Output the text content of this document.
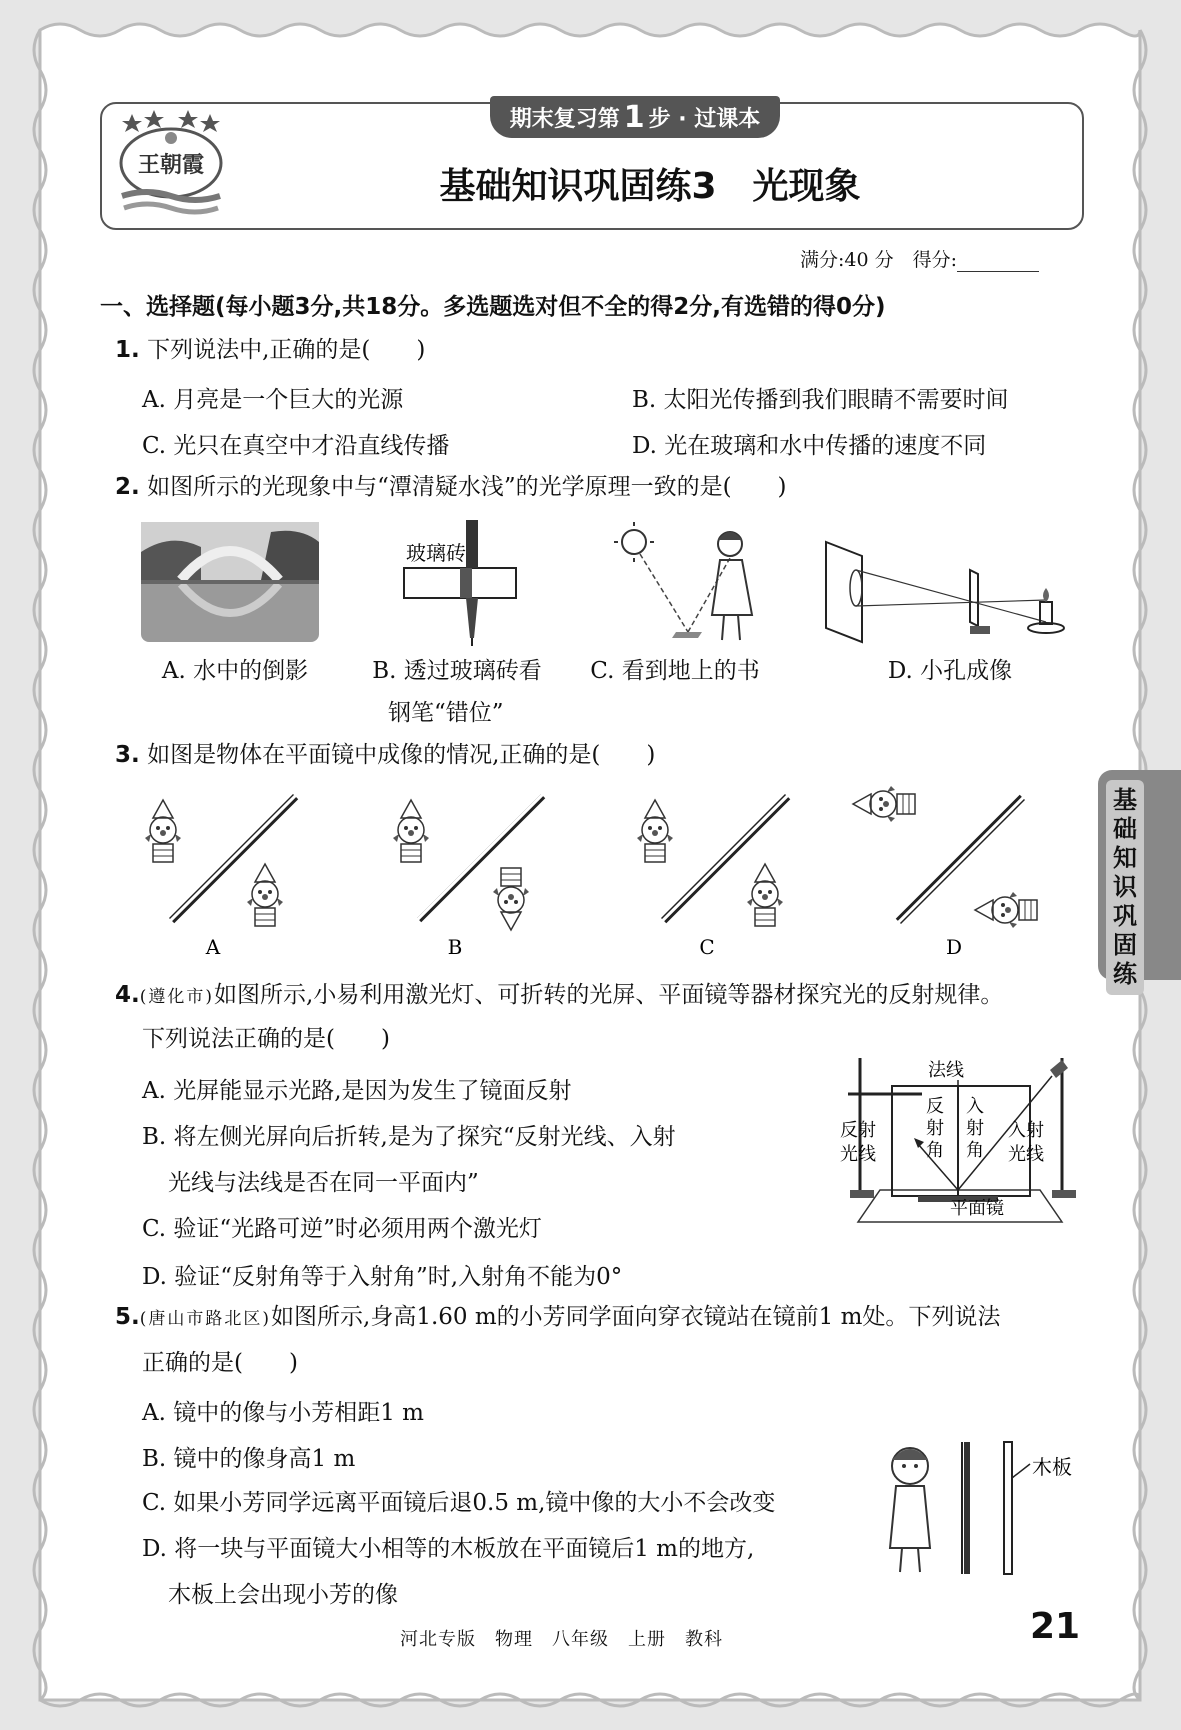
王朝霞
期末复习第 1 步 · 过课本
基础知识巩固练3　光现象
满分:40 分　得分:
一、选择题(每小题3分,共18分。多选题选对但不全的得2分,有选错的得0分)
1. 下列说法中,正确的是(　　)
A. 月亮是一个巨大的光源	B. 太阳光传播到我们眼睛不需要时间
C. 光只在真空中才沿直线传播	D. 光在玻璃和水中传播的速度不同
2. 如图所示的光现象中与“潭清疑水浅”的光学原理一致的是(　　)
玻璃砖
A. 水中的倒影	B. 透过玻璃砖看
钢笔“错位”
C. 看到地上的书	D. 小孔成像
3. 如图是物体在平面镜中成像的情况,正确的是(　　)
A	B	C	D
基础知识巩固练
4.(遵化市)如图所示,小易利用激光灯、可折转的光屏、平面镜等器材探究光的反射规律。
下列说法正确的是(　　)
A. 光屏能显示光路,是因为发生了镜面反射
B. 将左侧光屏向后折转,是为了探究“反射光线、入射
光线与法线是否在同一平面内”
C. 验证“光路可逆”时必须用两个激光灯
D. 验证“反射角等于入射角”时,入射角不能为0°
法线
反
射
角
入
射
角
反射
光线
入射
光线
平面镜
5.(唐山市路北区)如图所示,身高1.60 m的小芳同学面向穿衣镜站在镜前1 m处。下列说法
正确的是(　　)
A. 镜中的像与小芳相距1 m
B. 镜中的像身高1 m
C. 如果小芳同学远离平面镜后退0.5 m,镜中像的大小不会改变
D. 将一块与平面镜大小相等的木板放在平面镜后1 m的地方,
木板上会出现小芳的像
木板
河北专版　物理　八年级　上册　教科	21
